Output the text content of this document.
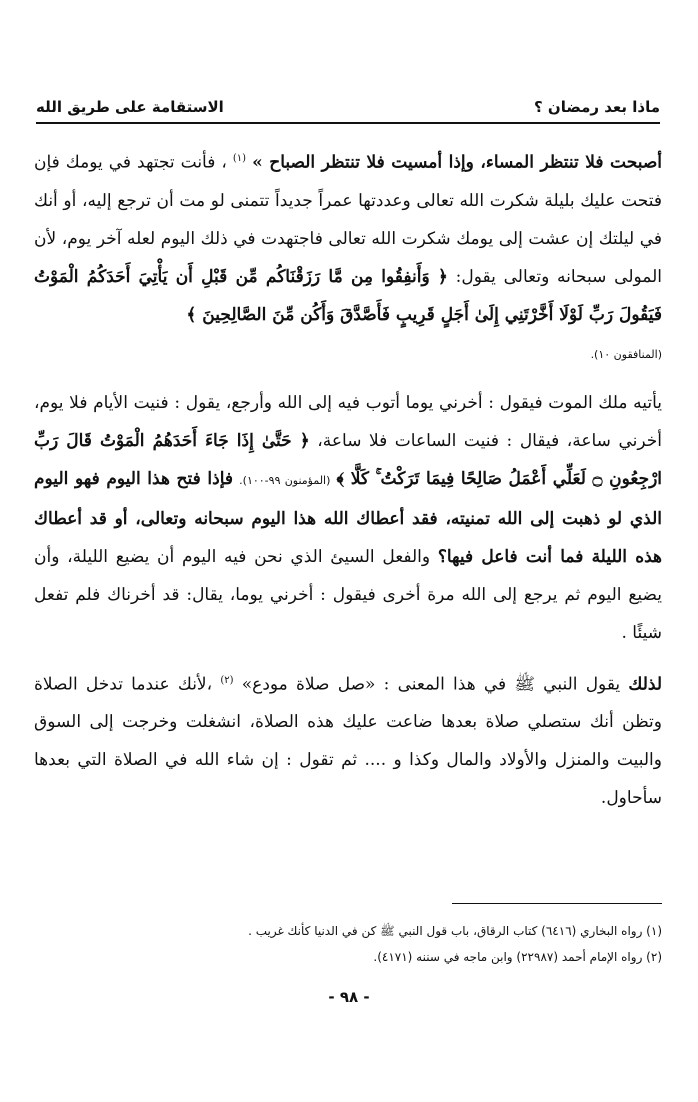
ماذا بعد رمضان ؟
الاستقامة على طريق الله

أصبحت فلا تنتظر المساء، وإذا أمسيت فلا تنتظر الصباح » $^{(١)}$ ، فأنت تجتهد في يومك فإن فتحت عليك بليلة شكرت الله تعالى وعددتها عمراً جديداً تتمنى لو مت أن ترجع إليه، أو أنك في ليلتك إن عشت إلى يومك شكرت الله تعالى فاجتهدت في ذلك اليوم لعله آخر يوم، لأن المولى سبحانه وتعالى يقول: ﴿ وَأَنفِقُوا مِن مَّا رَزَقْنَاكُم مِّن قَبْلِ أَن يَأْتِيَ أَحَدَكُمُ الْمَوْتُ فَيَقُولَ رَبِّ لَوْلَا أَخَّرْتَنِي إِلَىٰ أَجَلٍ قَرِيبٍ فَأَصَّدَّقَ وَأَكُن مِّنَ الصَّالِحِينَ ﴾
(المنافقون ١٠).

يأتيه ملك الموت فيقول : أخرني يوما أتوب فيه إلى الله وأرجع، يقول : فنيت الأيام فلا يوم، أخرني ساعة، فيقال : فنيت الساعات فلا ساعة، ﴿ حَتَّىٰ إِذَا جَاءَ أَحَدَهُمُ الْمَوْتُ قَالَ رَبِّ ارْجِعُونِ ۝ لَعَلِّي أَعْمَلُ صَالِحًا فِيمَا تَرَكْتُ ۚ كَلَّا ﴾ (المؤمنون ٩٩-١٠٠). فإذا فتح هذا اليوم فهو اليوم الذي لو ذهبت إلى الله تمنيته، فقد أعطاك الله هذا اليوم سبحانه وتعالى، أو قد أعطاك هذه الليلة فما أنت فاعل فيها؟ والفعل السيئ الذي نحن فيه اليوم أن يضيع الليلة، وأن يضيع اليوم ثم يرجع إلى الله مرة أخرى فيقول : أخرني يوما، يقال: قد أخرناك فلم تفعل شيئًا .

لذلك يقول النبي ﷺ في هذا المعنى : «صل صلاة مودع» $^{(٢)}$ ،لأنك عندما تدخل الصلاة وتظن أنك ستصلي صلاة بعدها ضاعت عليك هذه الصلاة، انشغلت وخرجت إلى السوق والبيت والمنزل والأولاد والمال وكذا و .... ثم تقول : إن شاء الله في الصلاة التي بعدها سأحاول.

(١) رواه البخاري (٦٤١٦) كتاب الرقاق، باب قول النبي ﷺ كن في الدنيا كأنك غريب .
(٢) رواه الإمام أحمد (٢٢٩٨٧) وابن ماجه في سننه (٤١٧١).
- ٩٨ -
